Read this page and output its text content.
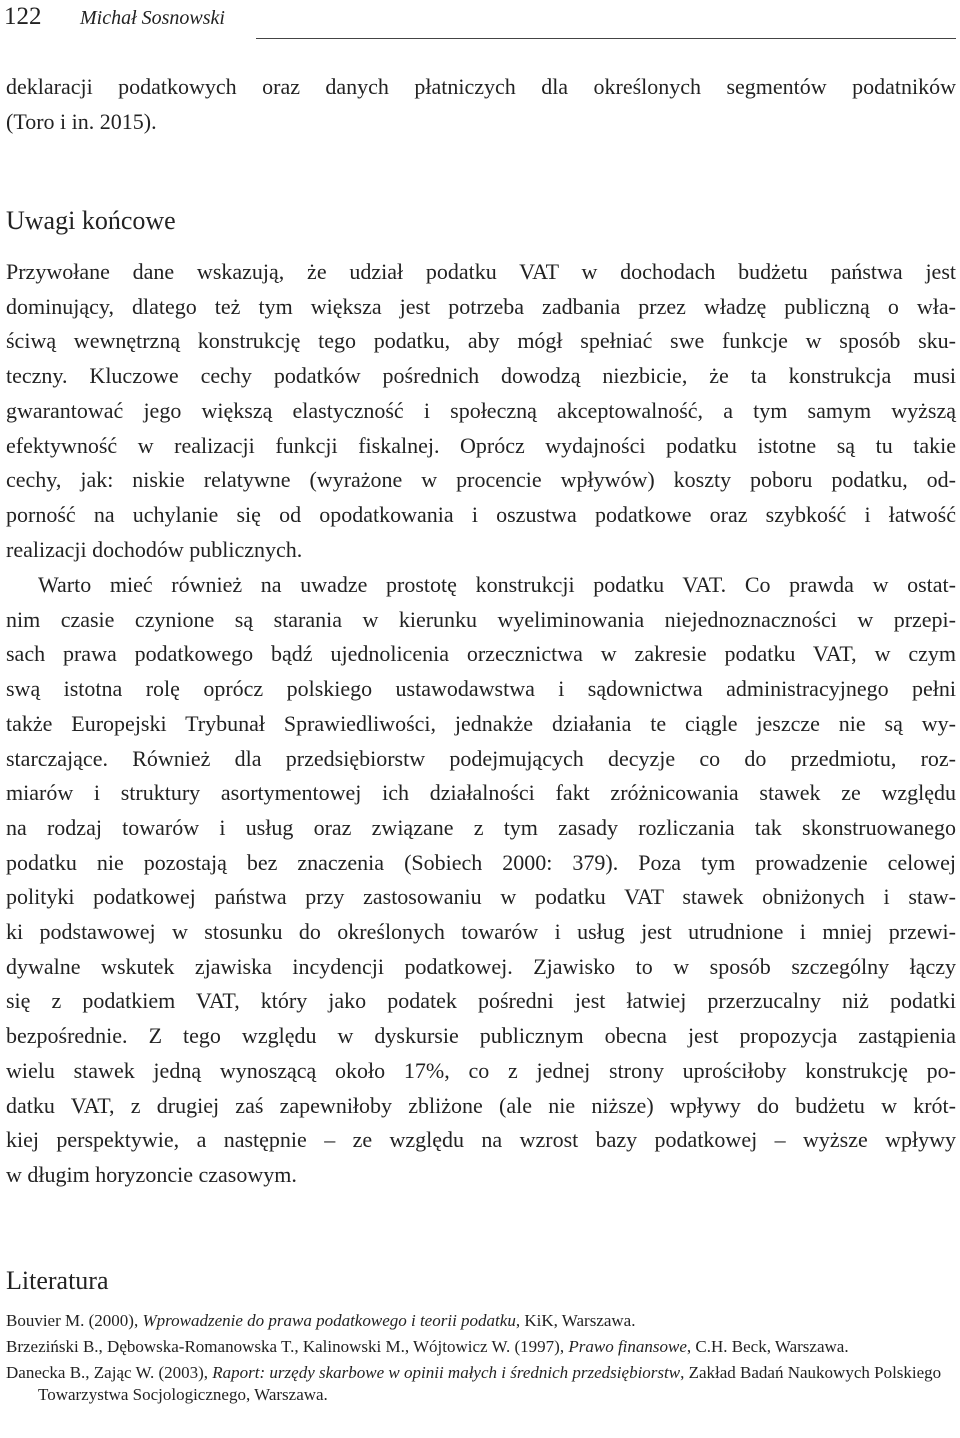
122 Michał Sosnowski
deklaracji podatkowych oraz danych płatniczych dla określonych segmentów podatników
(Toro i in. 2015).
Uwagi końcowe
Przywołane dane wskazują, że udział podatku VAT w dochodach budżetu państwa jest
dominujący, dlatego też tym większa jest potrzeba zadbania przez władzę publiczną o wła-
ściwą wewnętrzną konstrukcję tego podatku, aby mógł spełniać swe funkcje w sposób sku-
teczny. Kluczowe cechy podatków pośrednich dowodzą niezbicie, że ta konstrukcja musi
gwarantować jego większą elastyczność i społeczną akceptowalność, a tym samym wyższą
efektywność w realizacji funkcji fiskalnej. Oprócz wydajności podatku istotne są tu takie
cechy, jak: niskie relatywne (wyrażone w procencie wpływów) koszty poboru podatku, od-
porność na uchylanie się od opodatkowania i oszustwa podatkowe oraz szybkość i łatwość
realizacji dochodów publicznych.
Warto mieć również na uwadze prostotę konstrukcji podatku VAT. Co prawda w ostat-
nim czasie czynione są starania w kierunku wyeliminowania niejednoznaczności w przepi-
sach prawa podatkowego bądź ujednolicenia orzecznictwa w zakresie podatku VAT, w czym
swą istotna rolę oprócz polskiego ustawodawstwa i sądownictwa administracyjnego pełni
także Europejski Trybunał Sprawiedliwości, jednakże działania te ciągle jeszcze nie są wy-
starczające. Również dla przedsiębiorstw podejmujących decyzje co do przedmiotu, roz-
miarów i struktury asortymentowej ich działalności fakt zróżnicowania stawek ze względu
na rodzaj towarów i usług oraz związane z tym zasady rozliczania tak skonstruowanego
podatku nie pozostają bez znaczenia (Sobiech 2000: 379). Poza tym prowadzenie celowej
polityki podatkowej państwa przy zastosowaniu w podatku VAT stawek obniżonych i staw-
ki podstawowej w stosunku do określonych towarów i usług jest utrudnione i mniej przewi-
dywalne wskutek zjawiska incydencji podatkowej. Zjawisko to w sposób szczególny łączy
się z podatkiem VAT, który jako podatek pośredni jest łatwiej przerzucalny niż podatki
bezpośrednie. Z tego względu w dyskursie publicznym obecna jest propozycja zastąpienia
wielu stawek jedną wynoszącą około 17%, co z jednej strony uprościłoby konstrukcję po-
datku VAT, z drugiej zaś zapewniłoby zbliżone (ale nie niższe) wpływy do budżetu w krót-
kiej perspektywie, a następnie – ze względu na wzrost bazy podatkowej – wyższe wpływy
w długim horyzoncie czasowym.
Literatura
Bouvier M. (2000), Wprowadzenie do prawa podatkowego i teorii podatku, KiK, Warszawa.
Brzeziński B., Dębowska-Romanowska T., Kalinowski M., Wójtowicz W. (1997), Prawo finansowe, C.H. Beck, Warszawa.
Danecka B., Zając W. (2003), Raport: urzędy skarbowe w opinii małych i średnich przedsiębiorstw, Zakład Badań Naukowych Polskiego Towarzystwa Socjologicznego, Warszawa.
